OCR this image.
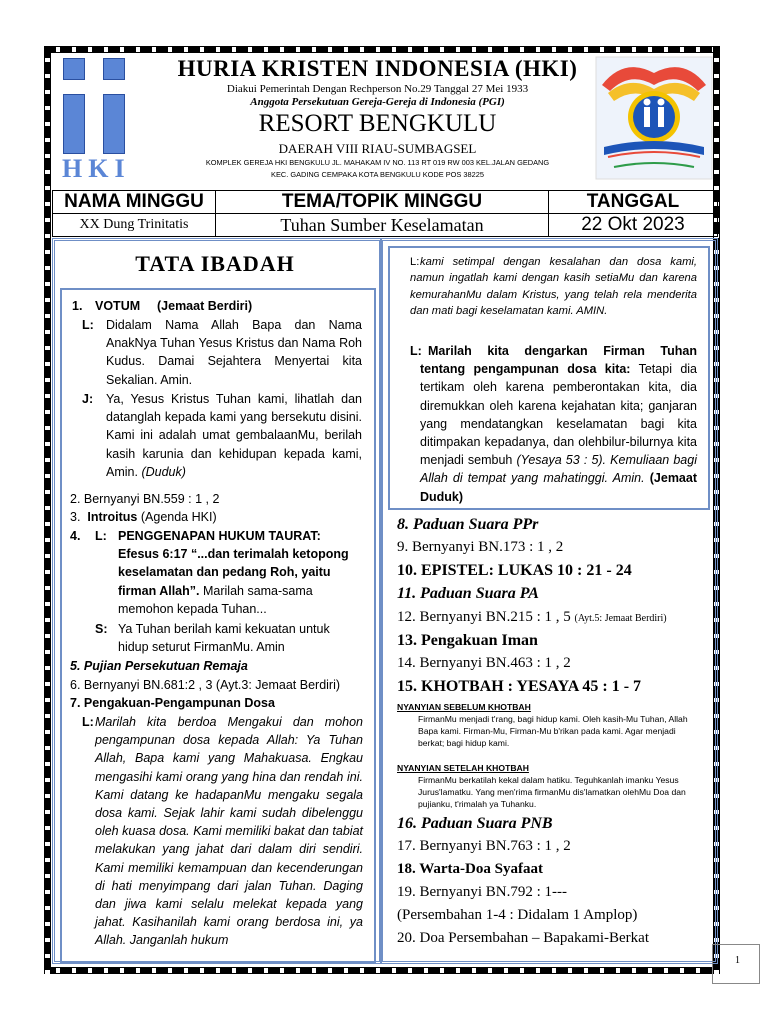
HKI
HURIA KRISTEN INDONESIA (HKI)
Diakui Pemerintah Dengan Rechperson No.29 Tanggal 27 Mei 1933
Anggota Persekutuan Gereja-Gereja di Indonesia (PGI)
RESORT BENGKULU
DAERAH VIII RIAU-SUMBAGSEL
KOMPLEK GEREJA HKI BENGKULU JL. MAHAKAM IV NO. 113 RT 019 RW 003 KEL.JALAN GEDANG
KEC. GADING CEMPAKA KOTA BENGKULU KODE POS 38225
NAMA MINGGU	TEMA/TOPIK MINGGU	TANGGAL
XX Dung Trinitatis	Tuhan Sumber Keselamatan	22 Okt 2023
TATA IBADAH
1. VOTUM (Jemaat Berdiri)
L: Didalam Nama Allah Bapa dan Nama AnakNya Tuhan Yesus Kristus dan Nama Roh Kudus. Damai Sejahtera Menyertai kita Sekalian. Amin.
J: Ya, Yesus Kristus Tuhan kami, lihatlah dan datanglah kepada kami yang bersekutu disini. Kami ini adalah umat gembalaanMu, berilah kasih karunia dan kehidupan kepada kami, Amin. (Duduk)
2. Bernyanyi BN.559 : 1 , 2
3. Introitus (Agenda HKI)
4. L: PENGGENAPAN HUKUM TAURAT: Efesus 6:17 “...dan terimalah ketopong keselamatan dan pedang Roh, yaitu firman Allah”. Marilah sama-sama memohon kepada Tuhan...
S: Ya Tuhan berilah kami kekuatan untuk hidup seturut FirmanMu. Amin
5. Pujian Persekutuan Remaja
6. Bernyanyi BN.681:2 , 3 (Ayt.3: Jemaat Berdiri)
7. Pengakuan-Pengampunan Dosa
L: Marilah kita berdoa Mengakui dan mohon pengampunan dosa kepada Allah: Ya Tuhan Allah, Bapa kami yang Mahakuasa. Engkau mengasihi kami orang yang hina dan rendah ini. Kami datang ke hadapanMu mengaku segala dosa kami. Sejak lahir kami sudah dibelenggu oleh kuasa dosa. Kami memiliki bakat dan tabiat melakukan yang jahat dari dalam diri sendiri. Kami memiliki kemampuan dan kecenderungan di hati menyimpang dari jalan Tuhan. Daging dan jiwa kami selalu melekat kepada yang jahat. Kasihanilah kami orang berdosa ini, ya Allah. Janganlah hukum
L: kami setimpal dengan kesalahan dan dosa kami, namun ingatlah kami dengan kasih setiaMu dan karena kemurahanMu dalam Kristus, yang telah rela menderita dan mati bagi keselamatan kami. AMIN.
L: Marilah kita dengarkan Firman Tuhan tentang pengampunan dosa kita: Tetapi dia tertikam oleh karena pemberontakan kita, dia diremukkan oleh karena kejahatan kita; ganjaran yang mendatangkan keselamatan bagi kita ditimpakan kepadanya, dan olehbilur-bilurnya kita menjadi sembuh (Yesaya 53 : 5). Kemuliaan bagi Allah di tempat yang mahatinggi. Amin. (Jemaat Duduk)
8. Paduan Suara PPr
9. Bernyanyi BN.173 : 1 , 2
10. EPISTEL: LUKAS 10 : 21 - 24
11. Paduan Suara PA
12. Bernyanyi BN.215 : 1 , 5 (Ayt.5: Jemaat Berdiri)
13. Pengakuan Iman
14. Bernyanyi BN.463 : 1 , 2
15. KHOTBAH : YESAYA 45 : 1 - 7
NYANYIAN SEBELUM KHOTBAH
FirmanMu menjadi t'rang, bagi hidup kami. Oleh kasih-Mu Tuhan, Allah Bapa kami. Firman-Mu, Firman-Mu b'rikan pada kami. Agar menjadi berkat; bagi hidup kami.
NYANYIAN SETELAH KHOTBAH
FirmanMu berkatilah kekal dalam hatiku. Teguhkanlah imanku Yesus Jurus'lamatku. Yang men'rima firmanMu dis'lamatkan olehMu Doa dan pujianku, t'rimalah ya Tuhanku.
16. Paduan Suara PNB
17. Bernyanyi BN.763 : 1 , 2
18. Warta-Doa Syafaat
19. Bernyanyi BN.792 : 1---
(Persembahan 1-4 : Didalam 1 Amplop)
20. Doa Persembahan – Bapakami-Berkat
1
